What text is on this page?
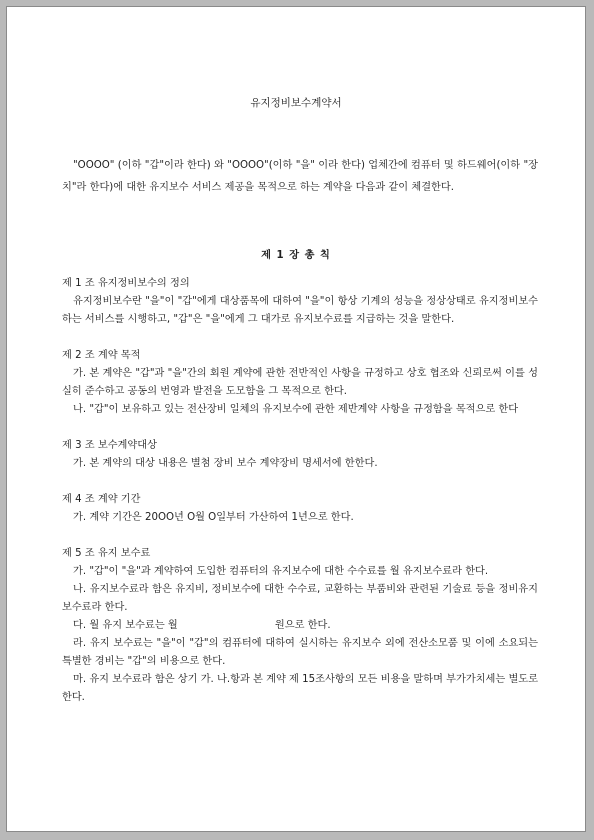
유지정비보수계약서
"OOOO" (이하 "갑"이라 한다) 와 "OOOO"(이하 "을" 이라 한다) 업체간에 컴퓨터 및 하드웨어(이하 "장치"라 한다)에 대한 유지보수 서비스 제공을 목적으로 하는 계약을 다음과 같이 체결한다.
제 1 장 총 칙
제 1 조 유지정비보수의 정의
유지정비보수란 "을"이 "갑"에게 대상품목에 대하여 "을"이 항상 기계의 성능을 정상상태로 유지정비보수하는 서비스를 시행하고, "갑"은 "을"에게 그 대가로 유지보수료를 지급하는 것을 말한다.
제 2 조 계약 목적
가. 본 계약은 "갑"과 "을"간의 회원 계약에 관한 전반적인 사항을 규정하고 상호 협조와 신뢰로써 이를 성실히 준수하고 공동의 번영과 발전을 도모함을 그 목적으로 한다.
나. "갑"이 보유하고 있는 전산장비 일체의 유지보수에 관한 제반계약 사항을 규정함을 목적으로 한다
제 3 조 보수계약대상
가. 본 계약의 대상 내용은 별첨 장비 보수 계약장비 명세서에 한한다.
제 4 조 계약 기간
가. 계약 기간은 20OO년 O월 O일부터 가산하여 1년으로 한다.
제 5 조 유지 보수료
가. "갑"이 "을"과 계약하여 도입한 컴퓨터의 유지보수에 대한 수수료를 월 유지보수료라 한다.
나. 유지보수료라 함은 유지비, 정비보수에 대한 수수료, 교환하는 부품비와 관련된 기술료 등을 정비유지 보수료라 한다.
다. 월 유지 보수료는 월                              원으로 한다.
라. 유지 보수료는 "을"이 "갑"의 컴퓨터에 대하여 실시하는 유지보수 외에 전산소모품 및 이에 소요되는 특별한 경비는 "갑"의 비용으로 한다.
마. 유지 보수료라 함은 상기 가. 나.항과 본 계약 제 15조사항의 모든 비용을 말하며 부가가치세는 별도로 한다.
